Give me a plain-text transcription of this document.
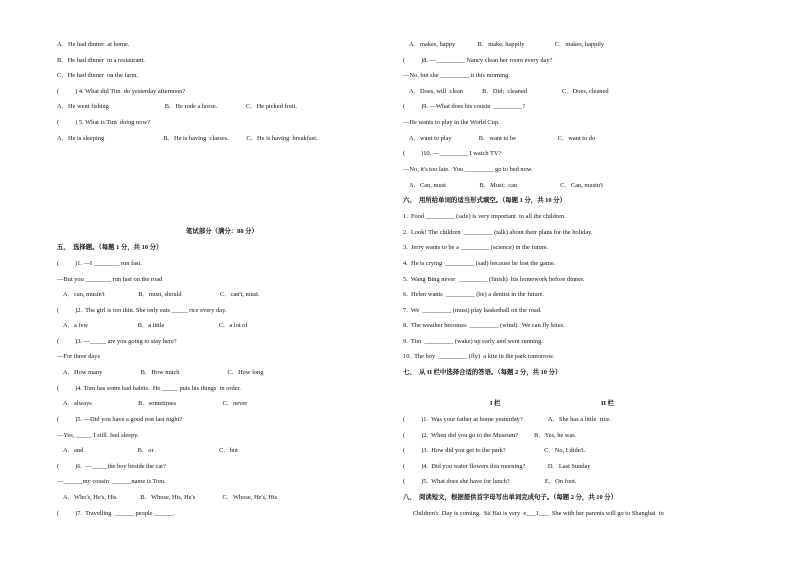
A．He had dinner  at home.
B．He had dinner  in a restaurant.
C．He had dinner  on the farm.
(          ) 4. What did Tim  do yesterday afternoon?
A．He went fishing                                   B．He rode a horse.                  C．He picked fruit.
(          ) 5. What is Tim  doing now?
A．He is sleeping                                     B．He is having  classes.           C．He is having  breakfast.
笔试部分（满分：80 分）
五、  选择题。（每题 1 分，共 10 分）
(          )1. —I ________ run fast.
—But you ________ run fast on the road
A．can, mustn't                     B．must, should                        C．can't, must.
(          )2.  The girl is too thin. She only eats _____ rice every day.
A．a few                               B．a little                                  C．a lot of
(          )3. —_____ are you going to stay here?
—For three days
A．How many                        B．How much                              C．How long
(          )4. Tom has some bad habits.  He _____ puts his things  in order.
A．always                             B．sometimes                             C．never
(          )5. —Did you have a good rest last night?
—Yes, _____ I still  feel sleepy.
A．and                                  B．or                                         C．but
(          )6.  —_____the boy beside the car?
—______my cousin  ______name is Tom.
A．Who's, He's, His               B．Whose, His, He's                 C．Whose, He's, His
(          )7.  Travelling  ______ people ______.
A．makes, happy              B．make, happily                   C．makes, happily
(          )8. —_________ Nancy clean her room every day?
—No, but she _________ it this morning.
A．Does, will  clean            B．Did;  cleaned                      C．Does, cleaned
(          )9. —What does his cousin  _________?
—He wants to play in the World Cup.
A．want to play                 B．want to be                          C．want to do
(          )10. —_________ I watch TV?
—No, it's too late.  You _________ go to bed now.
A．Can, must                     B．Must;  can                           C．Can, mustn't
六、  用所给单词的适当形式填空。（每题 1 分，共 10 分）
1.  Food _________ (safe) is very important  to all the children.
2.  Look! The children  _________ (talk) about their plans for the holiday.
3.  Jerry wants to be a _________ (science) in the future.
4.  He is crying  _________ (sad) because he lost the game.
5.  Wang Bing never  _________ (finish)  his homework before dinner.
6.  Helen wants  _________ (be) a dentist in the future.
7.  We  _________ (must) play basketball on the road.
8.  The weather becomes  _________ (wind).  We can fly kites.
9.  Tim  _________ (wake) up early and went running.
10.  The boy  _________ (fly)  a kite in the park tomorrow.
七、  从 II 栏中选择合适的答语。（每题 2 分，共 10 分）
I 栏	II 栏
(          )1.  Was your father at home yesterday?                A．She has a little  rice.
(          )2.  When did you go to the Museum?          B．Yes, he was.
(          )3.  How did you get to the park?                        C．No, I didn't.
(          )4.  Did you water flowers this morning?              D．Last Sunday
(          )5.  What does she have for lunch?                      E．On foot.
八、  阅读短文，根据提供首字母写出单词完成句子。（每题 2 分，共 10 分）
Children's  Day is coming.  Su Hai is very  e___1___  She with her parents will go to Shanghai  to
